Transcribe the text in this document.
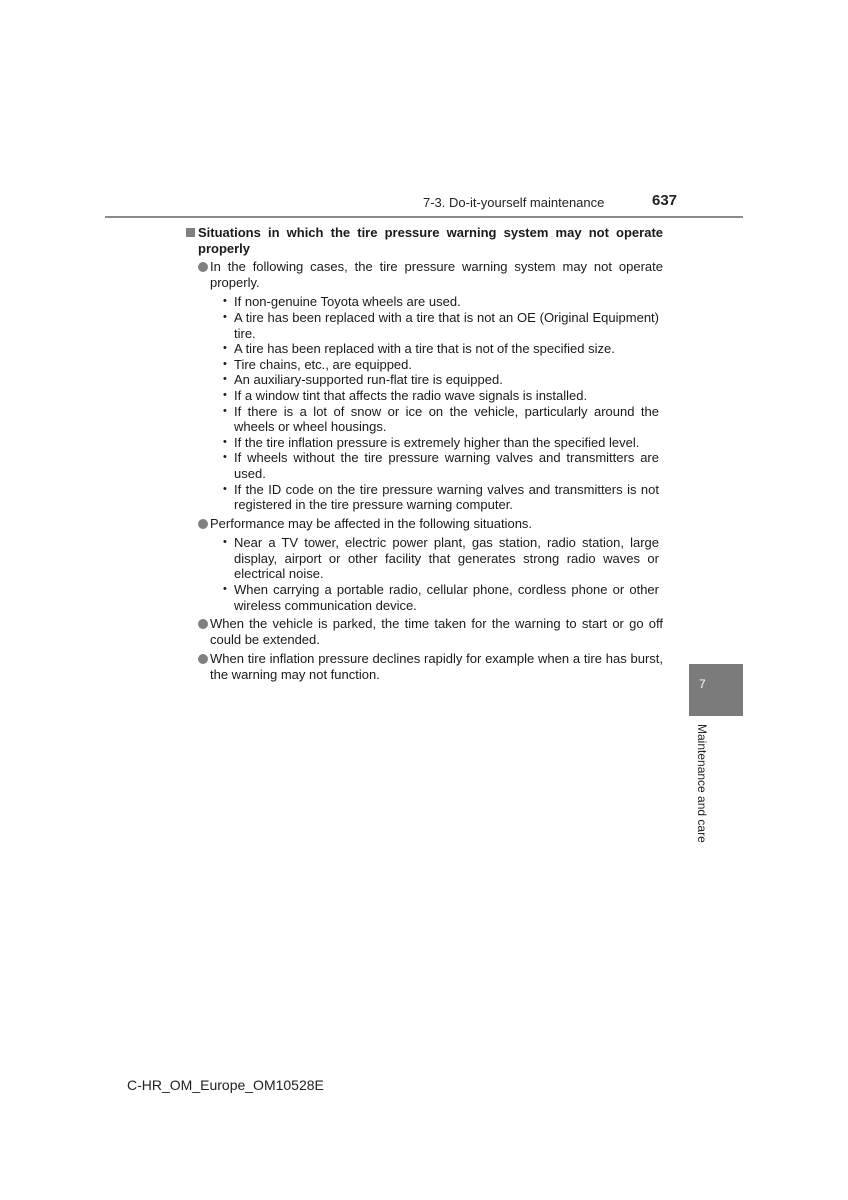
7-3. Do-it-yourself maintenance	637
Situations in which the tire pressure warning system may not operate properly
In the following cases, the tire pressure warning system may not operate properly.
• If non-genuine Toyota wheels are used.
• A tire has been replaced with a tire that is not an OE (Original Equipment) tire.
• A tire has been replaced with a tire that is not of the specified size.
• Tire chains, etc., are equipped.
• An auxiliary-supported run-flat tire is equipped.
• If a window tint that affects the radio wave signals is installed.
• If there is a lot of snow or ice on the vehicle, particularly around the wheels or wheel housings.
• If the tire inflation pressure is extremely higher than the specified level.
• If wheels without the tire pressure warning valves and transmitters are used.
• If the ID code on the tire pressure warning valves and transmitters is not registered in the tire pressure warning computer.
Performance may be affected in the following situations.
• Near a TV tower, electric power plant, gas station, radio station, large display, airport or other facility that generates strong radio waves or electrical noise.
• When carrying a portable radio, cellular phone, cordless phone or other wireless communication device.
When the vehicle is parked, the time taken for the warning to start or go off could be extended.
When tire inflation pressure declines rapidly for example when a tire has burst, the warning may not function.
7
Maintenance and care
C-HR_OM_Europe_OM10528E
